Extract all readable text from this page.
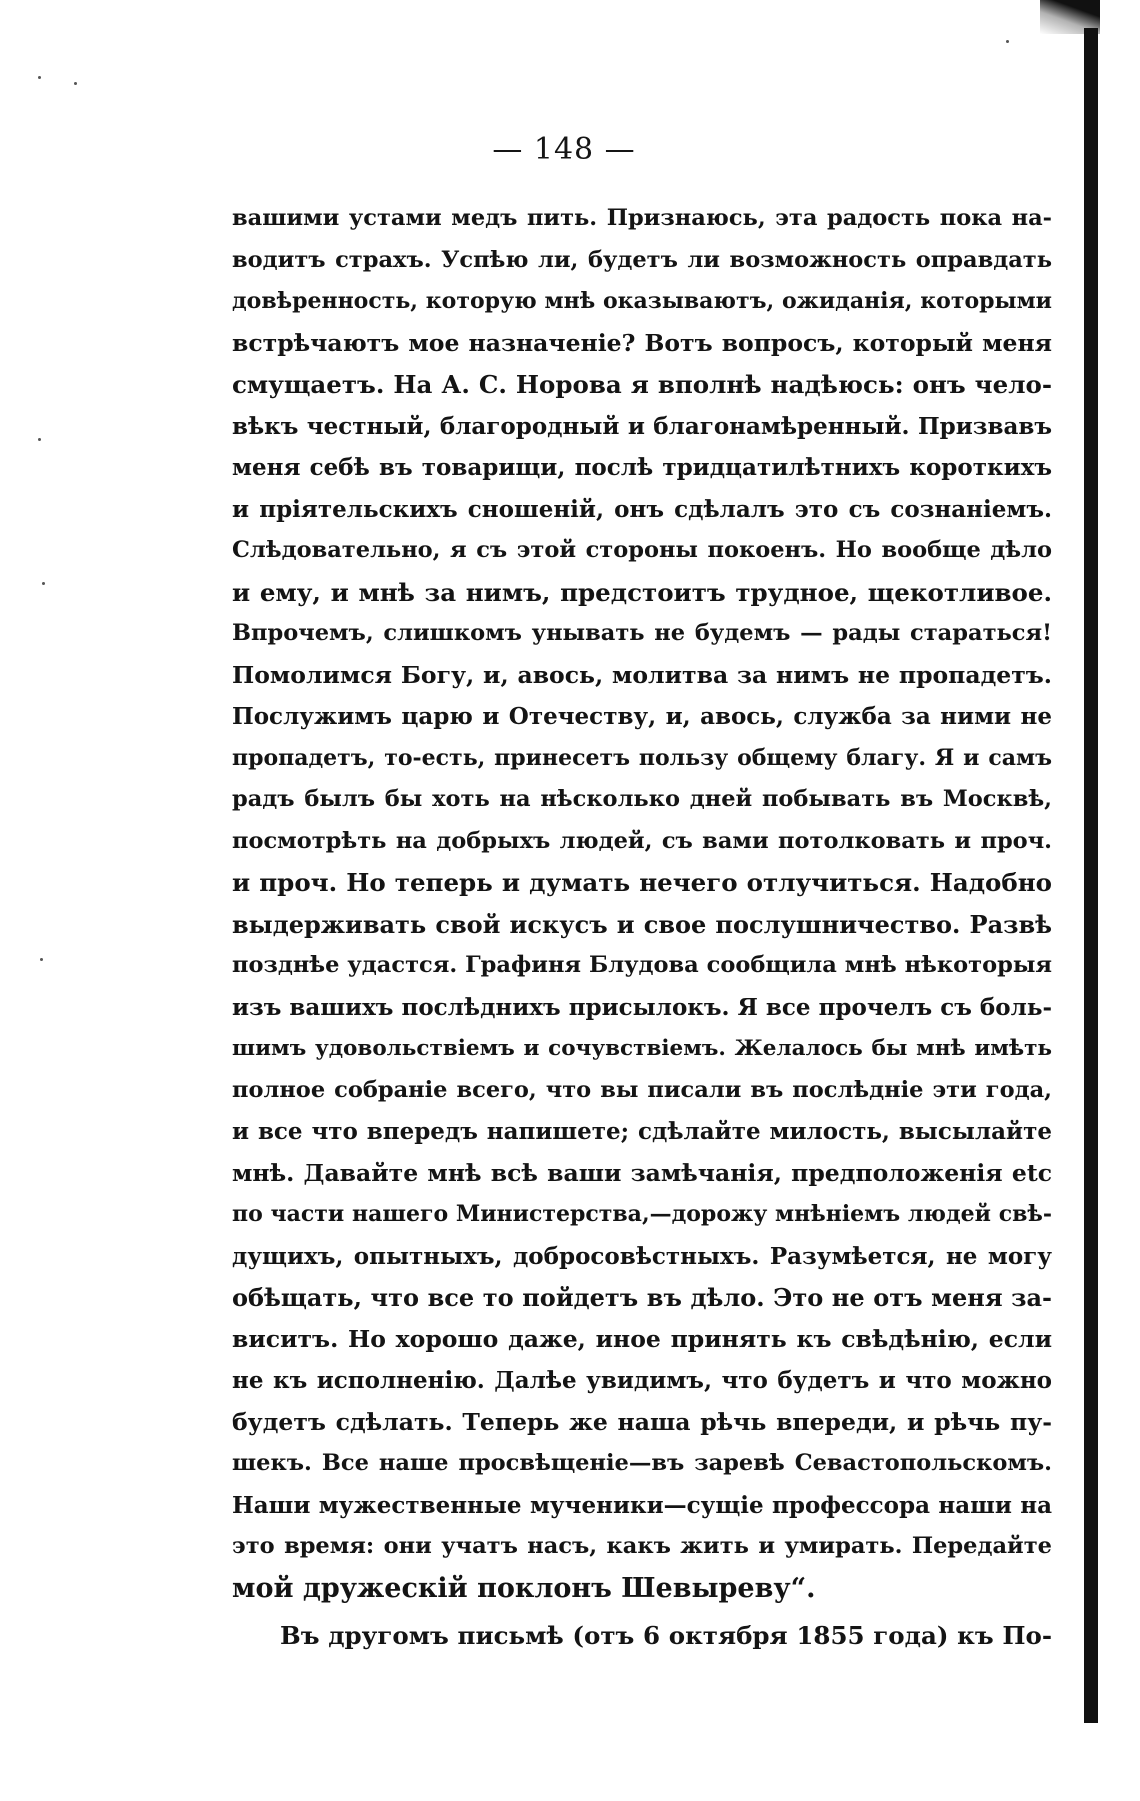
— 148 —
вашими устами медъ пить. Признаюсь, эта радость пока на-
водитъ страхъ. Успѣю ли, будетъ ли возможность оправдать
довѣренность, которую мнѣ оказываютъ, ожиданія, которыми
встрѣчаютъ мое назначеніе? Вотъ вопросъ, который меня
смущаетъ. На А. С. Норова я вполнѣ надѣюсь: онъ чело-
вѣкъ честный, благородный и благонамѣренный. Призвавъ
меня себѣ въ товарищи, послѣ тридцатилѣтнихъ короткихъ
и пріятельскихъ сношеній, онъ сдѣлалъ это съ сознаніемъ.
Слѣдовательно, я съ этой стороны покоенъ. Но вообще дѣло
и ему, и мнѣ за нимъ, предстоитъ трудное, щекотливое.
Впрочемъ, слишкомъ унывать не будемъ — рады стараться!
Помолимся Богу, и, авось, молитва за нимъ не пропадетъ.
Послужимъ царю и Отечеству, и, авось, служба за ними не
пропадетъ, то-есть, принесетъ пользу общему благу. Я и самъ
радъ былъ бы хоть на нѣсколько дней побывать въ Москвѣ,
посмотрѣть на добрыхъ людей, съ вами потолковать и проч.
и проч. Но теперь и думать нечего отлучиться. Надобно
выдерживать свой искусъ и свое послушничество. Развѣ
позднѣе удастся. Графиня Блудова сообщила мнѣ нѣкоторыя
изъ вашихъ послѣднихъ присылокъ. Я все прочелъ съ боль-
шимъ удовольствіемъ и сочувствіемъ. Желалось бы мнѣ имѣть
полное собраніе всего, что вы писали въ послѣдніе эти года,
и все что впередъ напишете; сдѣлайте милость, высылайте
мнѣ. Давайте мнѣ всѣ ваши замѣчанія, предположенія etc
по части нашего Министерства,—дорожу мнѣніемъ людей свѣ-
дущихъ, опытныхъ, добросовѣстныхъ. Разумѣется, не могу
обѣщать, что все то пойдетъ въ дѣло. Это не отъ меня за-
виситъ. Но хорошо даже, иное принять къ свѣдѣнію, если
не къ исполненію. Далѣе увидимъ, что будетъ и что можно
будетъ сдѣлать. Теперь же наша рѣчь впереди, и рѣчь пу-
шекъ. Все наше просвѣщеніе—въ заревѣ Севастопольскомъ.
Наши мужественные мученики—сущіе профессора наши на
это время: они учатъ насъ, какъ жить и умирать. Передайте
мой дружескій поклонъ Шевыреву“.
Въ другомъ письмѣ (отъ 6 октября 1855 года) къ По-
